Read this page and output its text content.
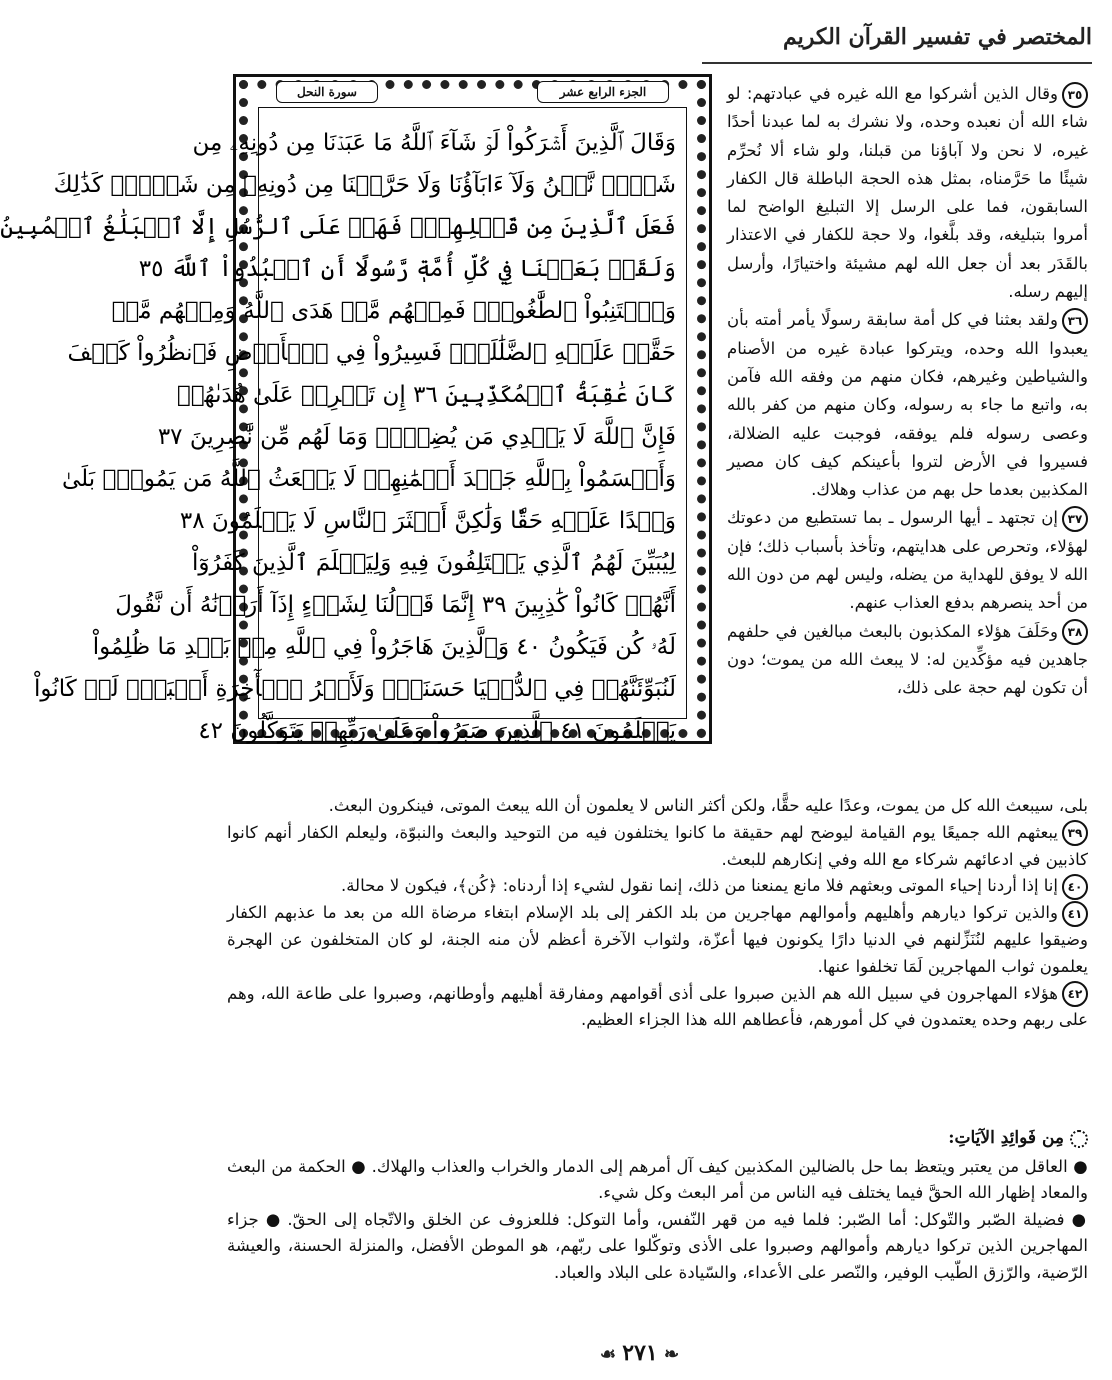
المختصر في تفسير القرآن الكريم
الجزء الرابع عشر
سورة النحل
وَقَالَ ٱلَّذِينَ أَشۡرَكُواْ لَوۡ شَآءَ ٱللَّهُ مَا عَبَدۡنَا مِن دُونِهِۦ مِن
شَيۡءٖ نَّحۡنُ وَلَآ ءَابَآؤُنَا وَلَا حَرَّمۡنَا مِن دُونِهِۦ مِن شَيۡءٖۚ كَذَٰلِكَ
فَعَلَ ٱلَّذِينَ مِن قَبۡلِهِمۡۚ فَهَلۡ عَلَى ٱلرُّسُلِ إِلَّا ٱلۡبَلَٰغُ ٱلۡمُبِينُ
وَلَقَدۡ بَعَثۡنَا فِي كُلِّ أُمَّةٖ رَّسُولًا أَنِ ٱعۡبُدُواْ ٱللَّهَ ٣٥
وَٱجۡتَنِبُواْ ٱلطَّٰغُوتَۖ فَمِنۡهُم مَّنۡ هَدَى ٱللَّهُ وَمِنۡهُم مَّنۡ
حَقَّتۡ عَلَيۡهِ ٱلضَّلَٰلَةُۚ فَسِيرُواْ فِي ٱلۡأَرۡضِ فَٱنظُرُواْ كَيۡفَ
كَانَ عَٰقِبَةُ ٱلۡمُكَذِّبِينَ ٣٦ إِن تَحۡرِصۡ عَلَىٰ هُدَىٰهُمۡ
فَإِنَّ ٱللَّهَ لَا يَهۡدِي مَن يُضِلُّۖ وَمَا لَهُم مِّن نَّٰصِرِينَ ٣٧
وَأَقۡسَمُواْ بِٱللَّهِ جَهۡدَ أَيۡمَٰنِهِمۡ لَا يَبۡعَثُ ٱللَّهُ مَن يَمُوتُۚ بَلَىٰ
وَعۡدًا عَلَيۡهِ حَقّٗا وَلَٰكِنَّ أَكۡثَرَ ٱلنَّاسِ لَا يَعۡلَمُونَ ٣٨
لِيُبَيِّنَ لَهُمُ ٱلَّذِي يَخۡتَلِفُونَ فِيهِ وَلِيَعۡلَمَ ٱلَّذِينَ كَفَرُوٓاْ
أَنَّهُمۡ كَانُواْ كَٰذِبِينَ ٣٩ إِنَّمَا قَوۡلُنَا لِشَيۡءٍ إِذَآ أَرَدۡنَٰهُ أَن نَّقُولَ
لَهُۥ كُن فَيَكُونُ ٤٠ وَٱلَّذِينَ هَاجَرُواْ فِي ٱللَّهِ مِنۢ بَعۡدِ مَا ظُلِمُواْ
لَنُبَوِّئَنَّهُمۡ فِي ٱلدُّنۡيَا حَسَنَةٗۖ وَلَأَجۡرُ ٱلۡأٓخِرَةِ أَكۡبَرُۚ لَوۡ كَانُواْ
يَعۡلَمُونَ ٤١ ٱلَّذِينَ صَبَرُواْ وَعَلَىٰ رَبِّهِمۡ يَتَوَكَّلُونَ ٤٢

٣٥وقال الذين أشركوا مع الله غيره في عبادتهم: لو شاء الله أن نعبده وحده، ولا نشرك به لما عبدنا أحدًا غيره، لا نحن ولا آباؤنا من قبلنا، ولو شاء ألا نُحرِّم شيئًا ما حَرَّمناه، بمثل هذه الحجة الباطلة قال الكفار السابقون، فما على الرسل إلا التبليغ الواضح لما أمروا بتبليغه، وقد بلَّغوا، ولا حجة للكفار في الاعتذار بالقَدَر بعد أن جعل الله لهم مشيئة واختيارًا، وأرسل إليهم رسله.

٣٦ولقد بعثنا في كل أمة سابقة رسولًا يأمر أمته بأن يعبدوا الله وحده، ويتركوا عبادة غيره من الأصنام والشياطين وغيرهم، فكان منهم من وفقه الله فآمن به، واتبع ما جاء به رسوله، وكان منهم من كفر بالله وعصى رسوله فلم يوفقه، فوجبت عليه الضلالة، فسيروا في الأرض لتروا بأعينكم كيف كان مصير المكذبين بعدما حل بهم من عذاب وهلاك.

٣٧إن تجتهد ـ أيها الرسول ـ بما تستطيع من دعوتك لهؤلاء، وتحرص على هدايتهم، وتأخذ بأسباب ذلك؛ فإن الله لا يوفق للهداية من يضله، وليس لهم من دون الله من أحد ينصرهم بدفع العذاب عنهم.

٣٨وحَلَفَ هؤلاء المكذبون بالبعث مبالغين في حلفهم جاهدين فيه مؤكِّدين له: لا يبعث الله من يموت؛ دون أن تكون لهم حجة على ذلك،

بلى، سيبعث الله كل من يموت، وعدًا عليه حقًّا، ولكن أكثر الناس لا يعلمون أن الله يبعث الموتى، فينكرون البعث.

٣٩يبعثهم الله جميعًا يوم القيامة ليوضح لهم حقيقة ما كانوا يختلفون فيه من التوحيد والبعث والنبوّة، وليعلم الكفار أنهم كانوا كاذبين في ادعائهم شركاء مع الله وفي إنكارهم للبعث.

٤٠إنا إذا أردنا إحياء الموتى وبعثهم فلا مانع يمنعنا من ذلك، إنما نقول لشيء إذا أردناه: ﴿كُن﴾، فيكون لا محالة.

٤١والذين تركوا ديارهم وأهليهم وأموالهم مهاجرين من بلد الكفر إلى بلد الإسلام ابتغاء مرضاة الله من بعد ما عذبهم الكفار وضيقوا عليهم لنُنَزِّلنهم في الدنيا دارًا يكونون فيها أعزّة، ولثواب الآخرة أعظم لأن منه الجنة، لو كان المتخلفون عن الهجرة يعلمون ثواب المهاجرين لَمَا تخلفوا عنها.

٤٢هؤلاء المهاجرون في سبيل الله هم الذين صبروا على أذى أقوامهم ومفارقة أهليهم وأوطانهم، وصبروا على طاعة الله، وهم على ربهم وحده يعتمدون في كل أمورهم، فأعطاهم الله هذا الجزاء العظيم.

مِن فَوائِدِ الآيَاتِ:
● العاقل من يعتبر ويتعظ بما حل بالضالين المكذبين كيف آل أمرهم إلى الدمار والخراب والعذاب والهلاك. ● الحكمة من البعث والمعاد إظهار الله الحقَّ فيما يختلف فيه الناس من أمر البعث وكل شيء.
● فضيلة الصّبر والتّوكل: أما الصّبر: فلما فيه من قهر النّفس، وأما التوكل: فللعزوف عن الخلق والاتّجاه إلى الحقّ. ● جزاء المهاجرين الذين تركوا ديارهم وأموالهم وصبروا على الأذى وتوكّلوا على ربّهم، هو الموطن الأفضل، والمنزلة الحسنة، والعيشة الرّضية، والرّزق الطّيب الوفير، والنّصر على الأعداء، والسّيادة على البلاد والعباد.
❧ ٢٧١ ☙
